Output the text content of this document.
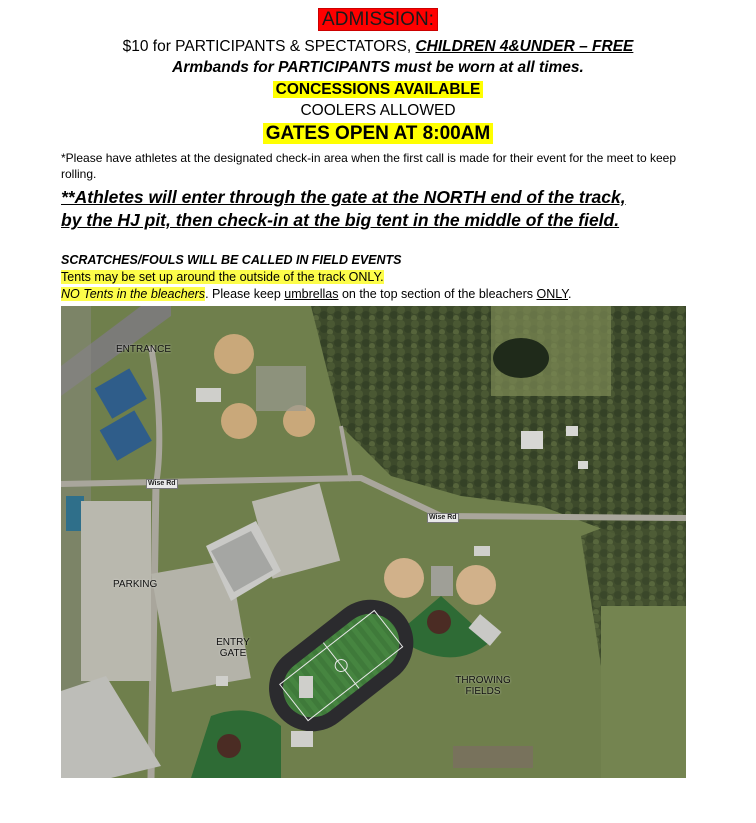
ADMISSION:
$10 for PARTICIPANTS & SPECTATORS, CHILDREN 4&UNDER – FREE
Armbands for PARTICIPANTS must be worn at all times.
CONCESSIONS AVAILABLE
COOLERS ALLOWED
GATES OPEN AT 8:00AM
*Please have athletes at the designated check-in area when the first call is made for their event for the meet to keep rolling.
**Athletes will enter through the gate at the NORTH end of the track,
by the HJ pit, then check-in at the big tent in the middle of the field.
SCRATCHES/FOULS WILL BE CALLED IN FIELD EVENTS
Tents may be set up around the outside of the track ONLY.
NO Tents in the bleachers. Please keep umbrellas on the top section of the bleachers ONLY.
ENTRANCE
PARKING
ENTRY
GATE
THROWING
FIELDS
Wise Rd
Wise Rd
